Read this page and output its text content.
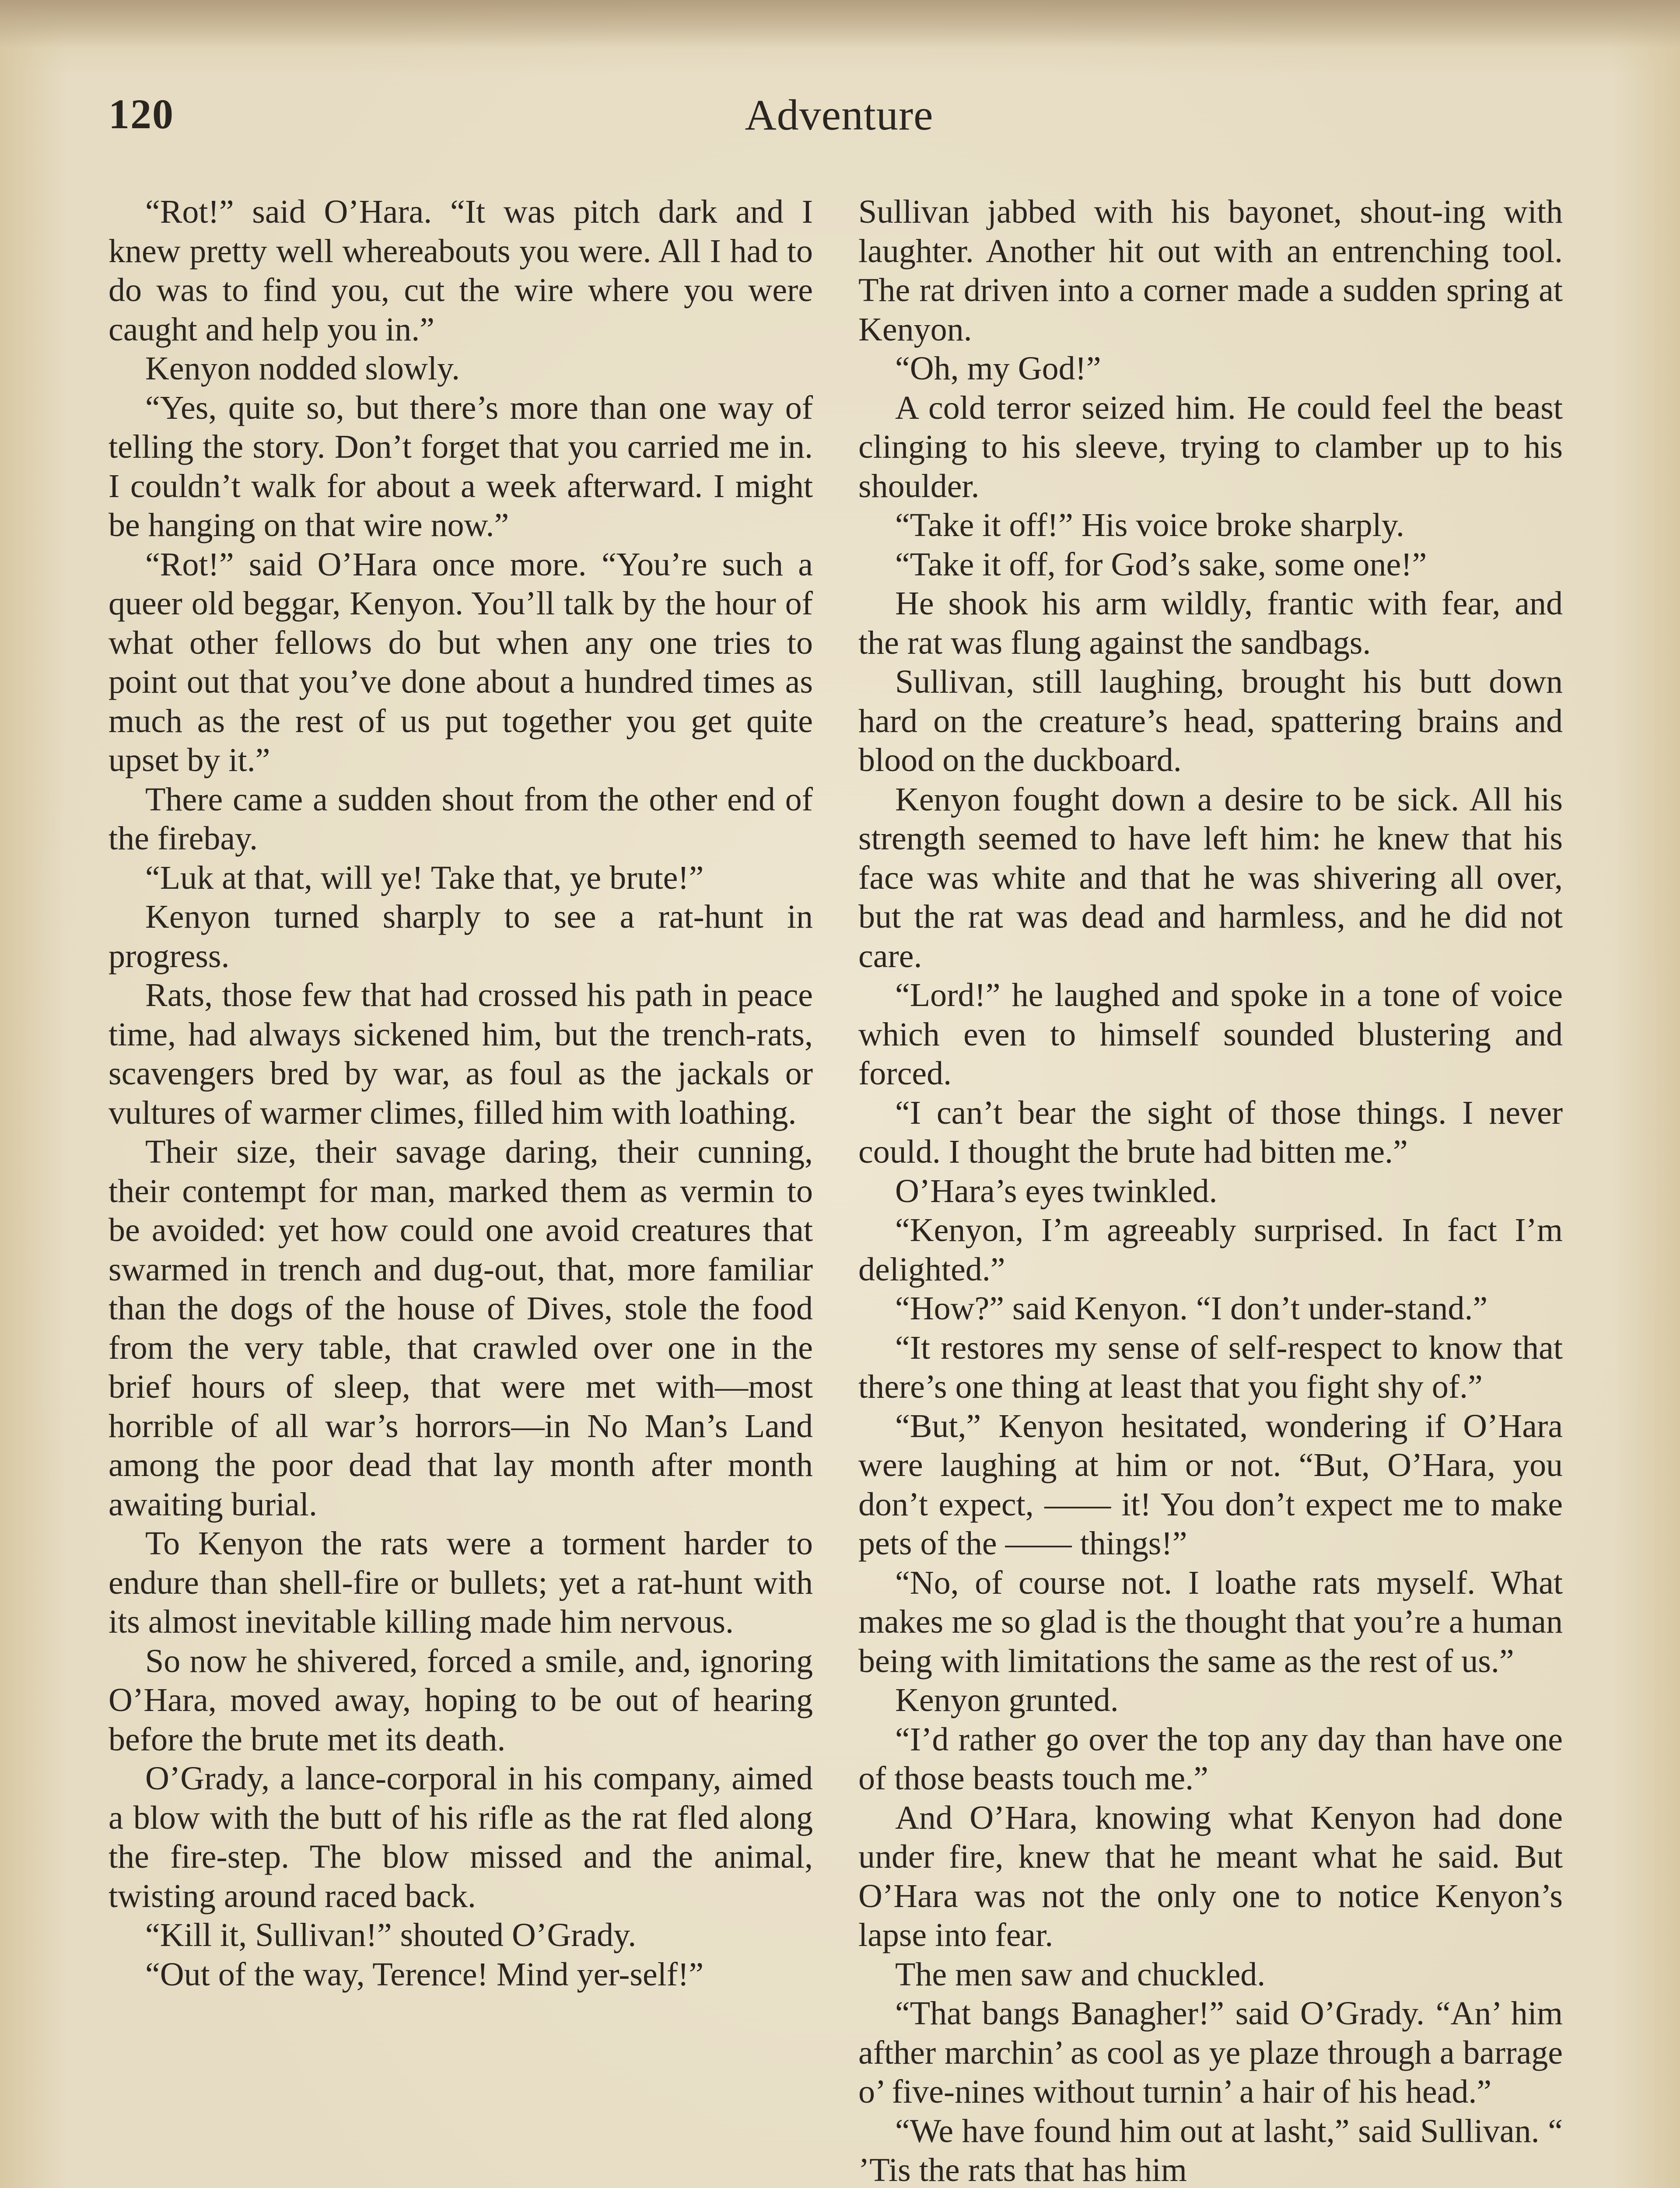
120	Adventure

“Rot!” said O’Hara. “It was pitch dark and I knew pretty well whereabouts you were. All I had to do was to find you, cut the wire where you were caught and help you in.”

Kenyon nodded slowly.

“Yes, quite so, but there’s more than one way of telling the story. Don’t forget that you carried me in. I couldn’t walk for about a week afterward. I might be hanging on that wire now.”

“Rot!” said O’Hara once more. “You’re such a queer old beggar, Kenyon. You’ll talk by the hour of what other fellows do but when any one tries to point out that you’ve done about a hundred times as much as the rest of us put together you get quite upset by it.”

There came a sudden shout from the other end of the firebay.

“Luk at that, will ye! Take that, ye brute!”

Kenyon turned sharply to see a rat-hunt in progress.

Rats, those few that had crossed his path in peace time, had always sickened him, but the trench-rats, scavengers bred by war, as foul as the jackals or vultures of warmer climes, filled him with loathing.

Their size, their savage daring, their cunning, their contempt for man, marked them as vermin to be avoided: yet how could one avoid creatures that swarmed in trench and dug-out, that, more familiar than the dogs of the house of Dives, stole the food from the very table, that crawled over one in the brief hours of sleep, that were met with—most horrible of all war’s horrors—in No Man’s Land among the poor dead that lay month after month awaiting burial.

To Kenyon the rats were a torment harder to endure than shell-fire or bullets; yet a rat-hunt with its almost inevitable killing made him nervous.

So now he shivered, forced a smile, and, ignoring O’Hara, moved away, hoping to be out of hearing before the brute met its death.

O’Grady, a lance-corporal in his company, aimed a blow with the butt of his rifle as the rat fled along the fire-step. The blow missed and the animal, twisting around raced back.

“Kill it, Sullivan!” shouted O’Grady.

“Out of the way, Terence! Mind yer-self!”

Sullivan jabbed with his bayonet, shout-ing with laughter. Another hit out with an entrenching tool. The rat driven into a corner made a sudden spring at Kenyon.

“Oh, my God!”

A cold terror seized him. He could feel the beast clinging to his sleeve, trying to clamber up to his shoulder.

“Take it off!” His voice broke sharply.

“Take it off, for God’s sake, some one!”

He shook his arm wildly, frantic with fear, and the rat was flung against the sandbags.

Sullivan, still laughing, brought his butt down hard on the creature’s head, spattering brains and blood on the duckboard.

Kenyon fought down a desire to be sick. All his strength seemed to have left him: he knew that his face was white and that he was shivering all over, but the rat was dead and harmless, and he did not care.

“Lord!” he laughed and spoke in a tone of voice which even to himself sounded blustering and forced.

“I can’t bear the sight of those things. I never could. I thought the brute had bitten me.”

O’Hara’s eyes twinkled.

“Kenyon, I’m agreeably surprised. In fact I’m delighted.”

“How?” said Kenyon. “I don’t under-stand.”

“It restores my sense of self-respect to know that there’s one thing at least that you fight shy of.”

“But,” Kenyon hesitated, wondering if O’Hara were laughing at him or not. “But, O’Hara, you don’t expect, —— it! You don’t expect me to make pets of the —— things!”

“No, of course not. I loathe rats myself. What makes me so glad is the thought that you’re a human being with limitations the same as the rest of us.”

Kenyon grunted.

“I’d rather go over the top any day than have one of those beasts touch me.”

And O’Hara, knowing what Kenyon had done under fire, knew that he meant what he said. But O’Hara was not the only one to notice Kenyon’s lapse into fear.

The men saw and chuckled.

“That bangs Banagher!” said O’Grady. “An’ him afther marchin’ as cool as ye plaze through a barrage o’ five-nines without turnin’ a hair of his head.”

“We have found him out at lasht,” said Sullivan. “ ’Tis the rats that has him
